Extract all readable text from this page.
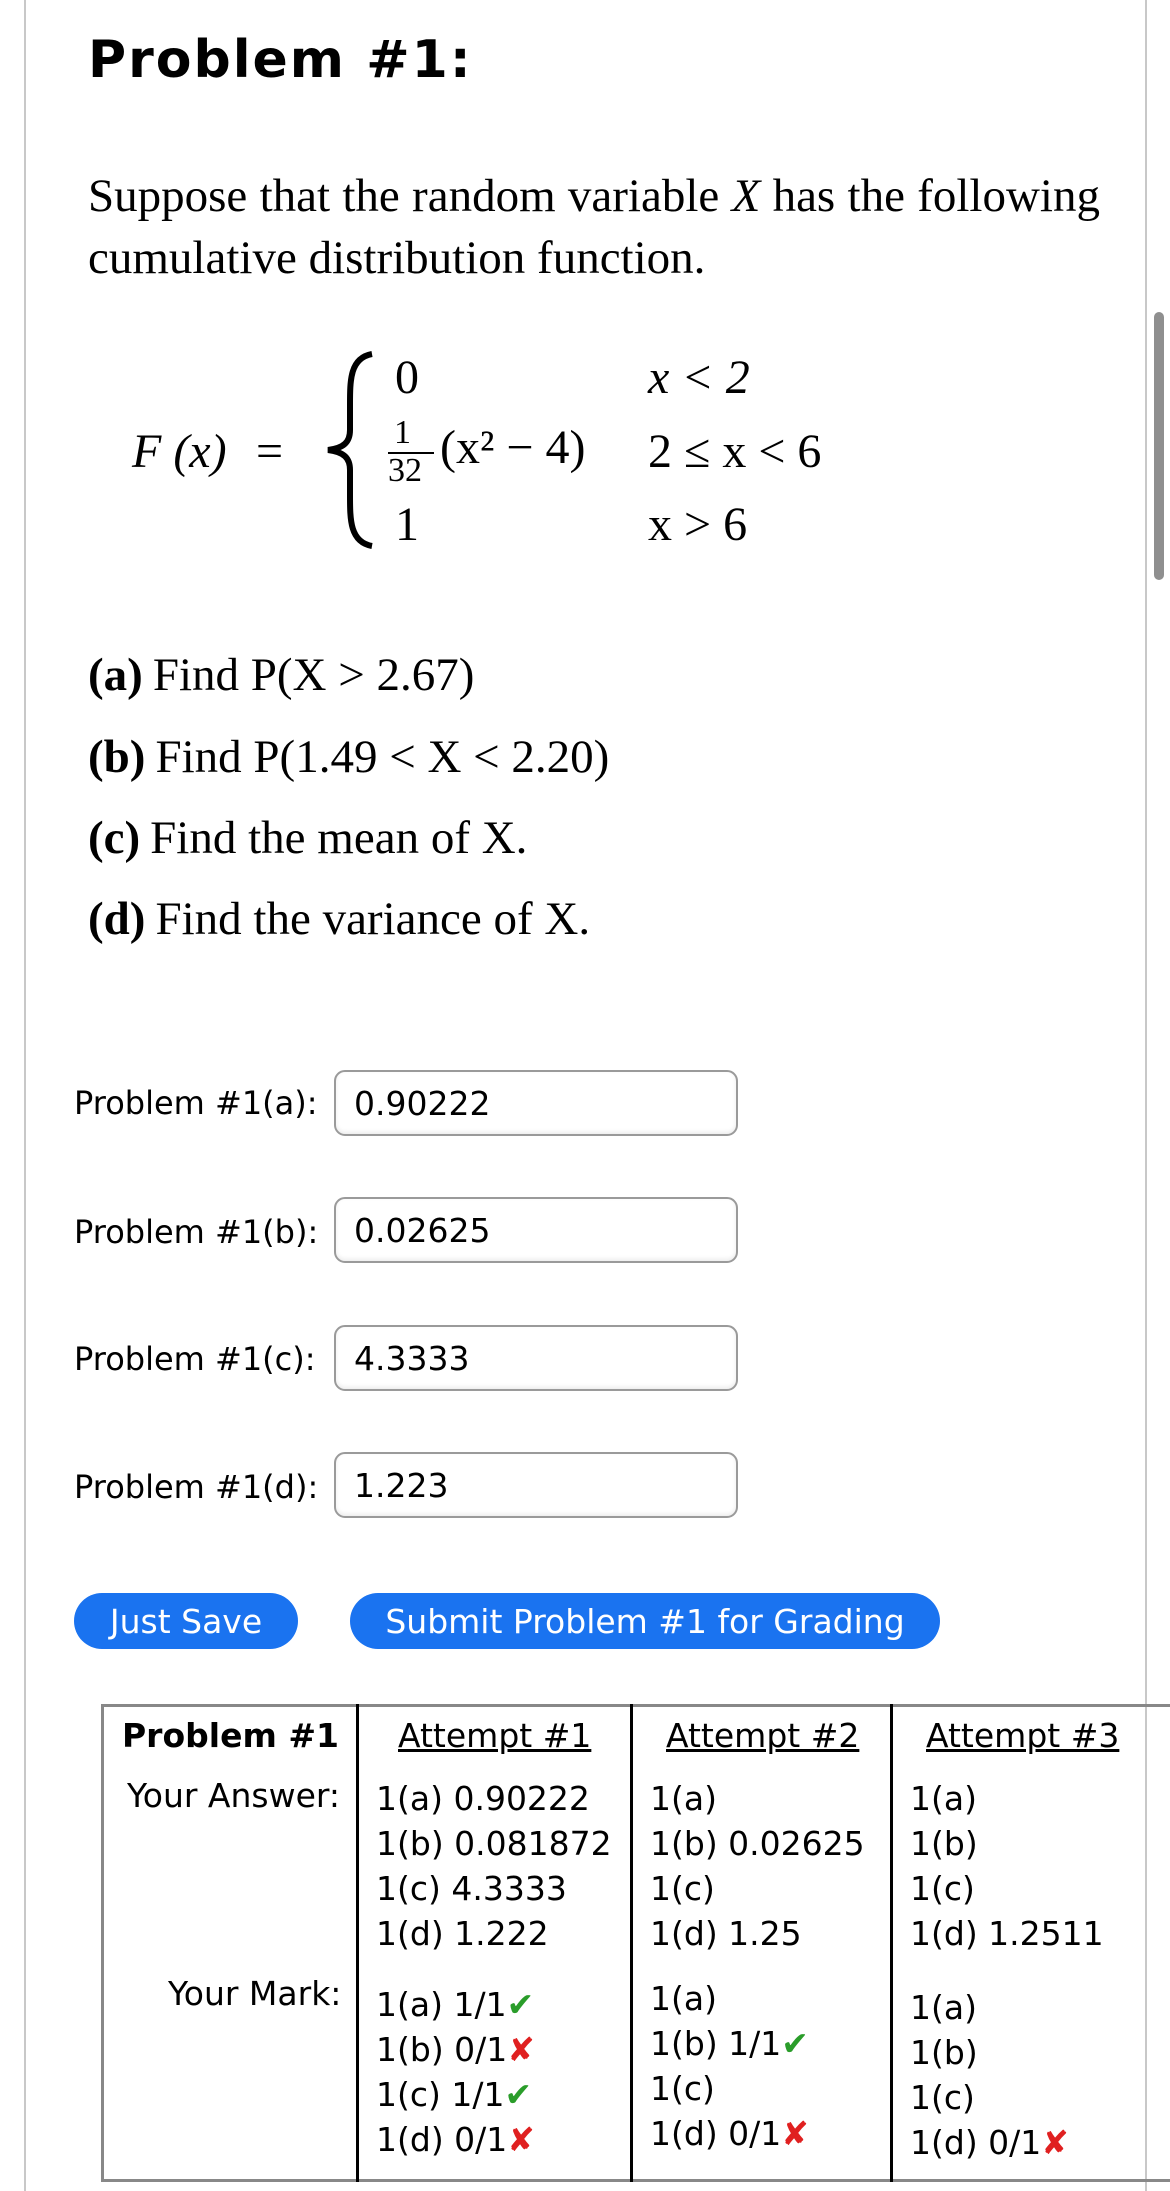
Problem #1:
Suppose that the random variable X has the following cumulative distribution function.
F (x) =
0
1
32 (x² − 4)
1
x < 2
2 ≤ x < 6
x > 6
(a) Find P(X > 2.67)
(b) Find P(1.49 < X < 2.20)
(c) Find the mean of X.
(d) Find the variance of X.
Problem #1(a):
0.90222
Problem #1(b):
0.02625
Problem #1(c):
4.3333
Problem #1(d):
1.223
Just Save	Submit Problem #1 for Grading
Problem #1 Attempt #1 Attempt #2 Attempt #3
Your Answer:
Your Mark:
1(a) 0.90222
1(b) 0.081872
1(c) 4.3333
1(d) 1.222
1(a)
1(b) 0.02625
1(c)
1(d) 1.25
1(a)
1(b)
1(c)
1(d) 1.2511
1(a) 1/1✔
1(b) 0/1✘
1(c) 1/1✔
1(d) 0/1✘
1(a)
1(b) 1/1✔
1(c)
1(d) 0/1✘
1(a)
1(b)
1(c)
1(d) 0/1✘
